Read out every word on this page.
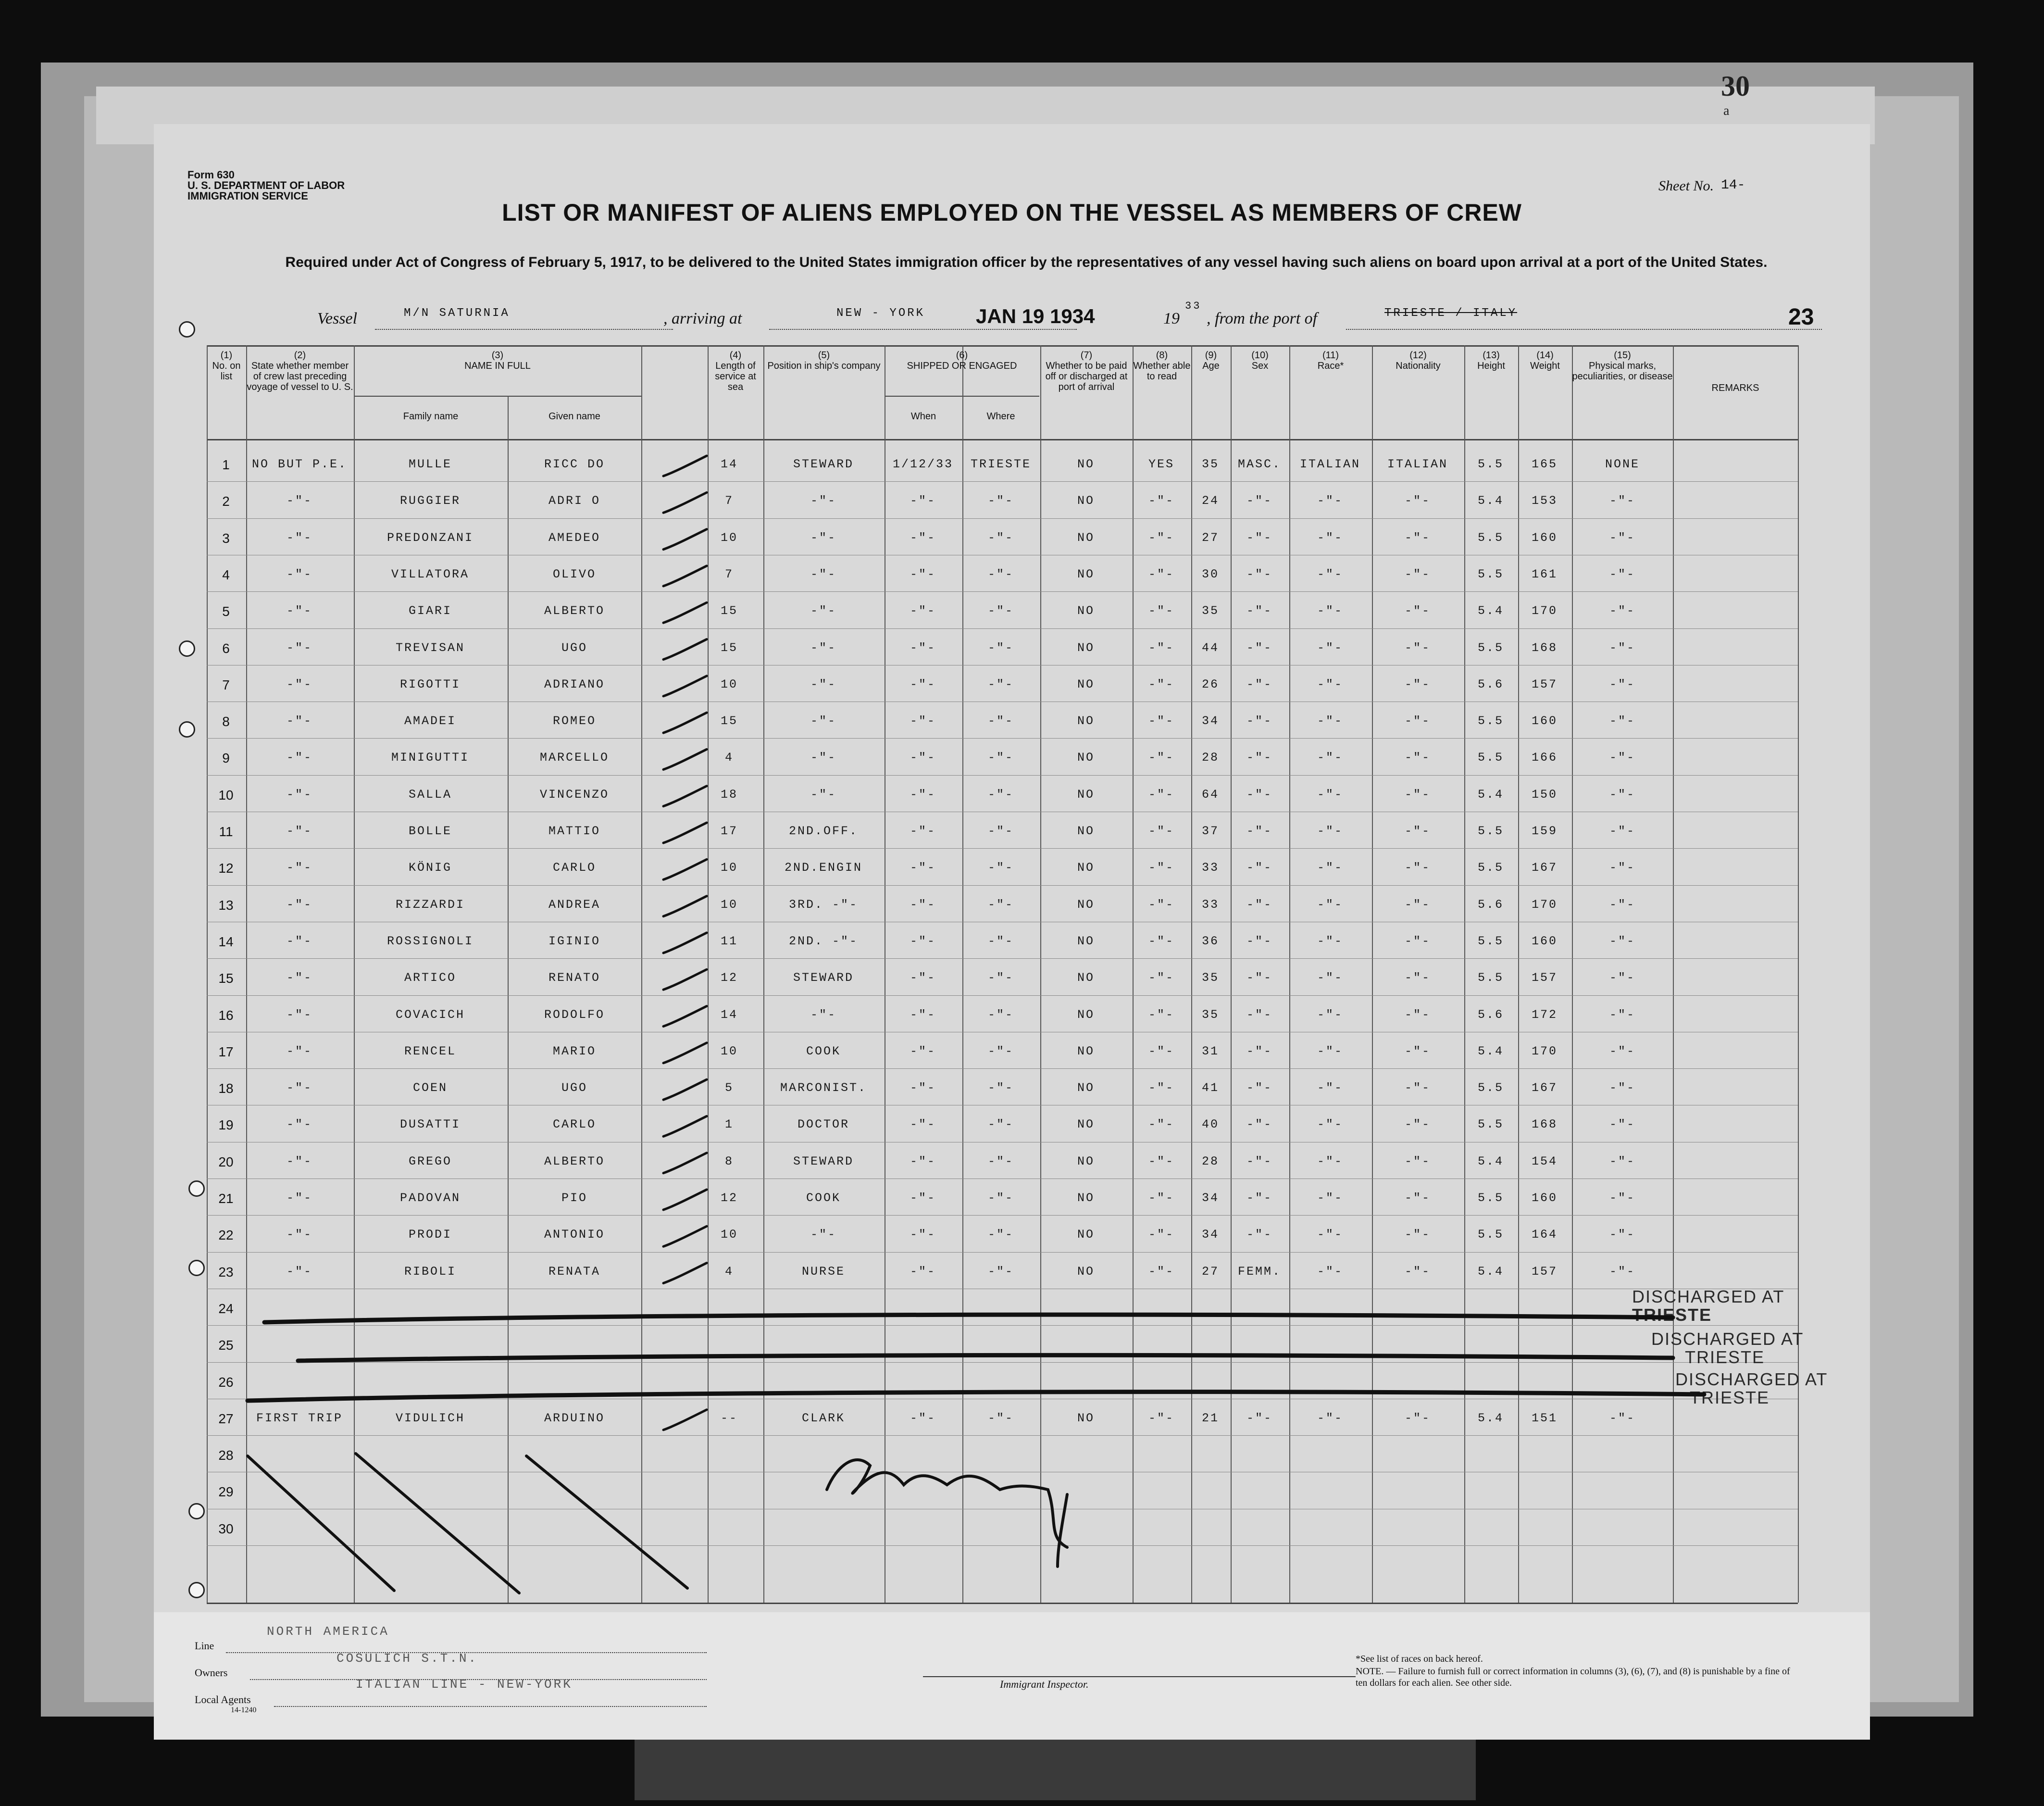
30
a
Form 630
U. S. DEPARTMENT OF LABOR
IMMIGRATION SERVICE
Sheet No. 14-
LIST OR MANIFEST OF ALIENS EMPLOYED ON THE VESSEL AS MEMBERS OF CREW
Required under Act of Congress of February 5, 1917, to be delivered to the United States immigration officer by the representatives of any vessel having such aliens on board upon arrival at a port of the United States.
Vessel	M/N SATURNIA	, arriving at	NEW - YORK	JAN 19 1934	19
33
, from the port of	TRIESTE / ITALY	23
(1)
No. on list
(2)
State whether member of crew last preceding voyage of vessel to U. S.
(3)
NAME IN FULL
Family name	Given name
(4)
Length of service at sea
(5)
Position in ship's company
(6)
SHIPPED OR ENGAGED
When	Where
(7)
Whether to be paid off or discharged at port of arrival
(8)
Whether able to read
(9)
Age
(10)
Sex
(11)
Race*
(12)
Nationality
(13)
Height
(14)
Weight
(15)
Physical marks, peculiarities, or disease
REMARKS
1	NO BUT P.E.	MULLE	RICC DO	14	STEWARD	1/12/33	TRIESTE	NO	YES	35	MASC.	ITALIAN	ITALIAN	5.5	165	NONE
2	-"-	RUGGIER	ADRI O	7	-"-	-"-	-"-	NO	-"-	24	-"-	-"-	-"-	5.4	153	-"-
3	-"-	PREDONZANI	AMEDEO	10	-"-	-"-	-"-	NO	-"-	27	-"-	-"-	-"-	5.5	160	-"-
4	-"-	VILLATORA	OLIVO	7	-"-	-"-	-"-	NO	-"-	30	-"-	-"-	-"-	5.5	161	-"-
5	-"-	GIARI	ALBERTO	15	-"-	-"-	-"-	NO	-"-	35	-"-	-"-	-"-	5.4	170	-"-
6	-"-	TREVISAN	UGO	15	-"-	-"-	-"-	NO	-"-	44	-"-	-"-	-"-	5.5	168	-"-
7	-"-	RIGOTTI	ADRIANO	10	-"-	-"-	-"-	NO	-"-	26	-"-	-"-	-"-	5.6	157	-"-
8	-"-	AMADEI	ROMEO	15	-"-	-"-	-"-	NO	-"-	34	-"-	-"-	-"-	5.5	160	-"-
9	-"-	MINIGUTTI	MARCELLO	4	-"-	-"-	-"-	NO	-"-	28	-"-	-"-	-"-	5.5	166	-"-
10	-"-	SALLA	VINCENZO	18	-"-	-"-	-"-	NO	-"-	64	-"-	-"-	-"-	5.4	150	-"-
11	-"-	BOLLE	MATTIO	17	2ND.OFF.	-"-	-"-	NO	-"-	37	-"-	-"-	-"-	5.5	159	-"-
12	-"-	KÖNIG	CARLO	10	2ND.ENGIN	-"-	-"-	NO	-"-	33	-"-	-"-	-"-	5.5	167	-"-
13	-"-	RIZZARDI	ANDREA	10	3RD. -"-	-"-	-"-	NO	-"-	33	-"-	-"-	-"-	5.6	170	-"-
14	-"-	ROSSIGNOLI	IGINIO	11	2ND. -"-	-"-	-"-	NO	-"-	36	-"-	-"-	-"-	5.5	160	-"-
15	-"-	ARTICO	RENATO	12	STEWARD	-"-	-"-	NO	-"-	35	-"-	-"-	-"-	5.5	157	-"-
16	-"-	COVACICH	RODOLFO	14	-"-	-"-	-"-	NO	-"-	35	-"-	-"-	-"-	5.6	172	-"-
17	-"-	RENCEL	MARIO	10	COOK	-"-	-"-	NO	-"-	31	-"-	-"-	-"-	5.4	170	-"-
18	-"-	COEN	UGO	5	MARCONIST.	-"-	-"-	NO	-"-	41	-"-	-"-	-"-	5.5	167	-"-
19	-"-	DUSATTI	CARLO	1	DOCTOR	-"-	-"-	NO	-"-	40	-"-	-"-	-"-	5.5	168	-"-
20	-"-	GREGO	ALBERTO	8	STEWARD	-"-	-"-	NO	-"-	28	-"-	-"-	-"-	5.4	154	-"-
21	-"-	PADOVAN	PIO	12	COOK	-"-	-"-	NO	-"-	34	-"-	-"-	-"-	5.5	160	-"-
22	-"-	PRODI	ANTONIO	10	-"-	-"-	-"-	NO	-"-	34	-"-	-"-	-"-	5.5	164	-"-
23	-"-	RIBOLI	RENATA	4	NURSE	-"-	-"-	NO	-"-	27	FEMM.	-"-	-"-	5.4	157	-"-
24
25
26
27	FIRST TRIP	VIDULICH	ARDUINO	--	CLARK	-"-	-"-	NO	-"-	21	-"-	-"-	-"-	5.4	151	-"-
28
29
30
DISCHARGED AT
TRIESTE
DISCHARGED AT
TRIESTE
DISCHARGED AT
TRIESTE
Line
NORTH AMERICA
Owners
COSULICH S.T.N.
Local Agents
ITALIAN LINE - NEW-YORK
14-1240
Immigrant Inspector.
*See list of races on back hereof.
NOTE. — Failure to furnish full or correct information in columns (3), (6), (7), and (8) is punishable by a fine of ten dollars for each alien. See other side.
